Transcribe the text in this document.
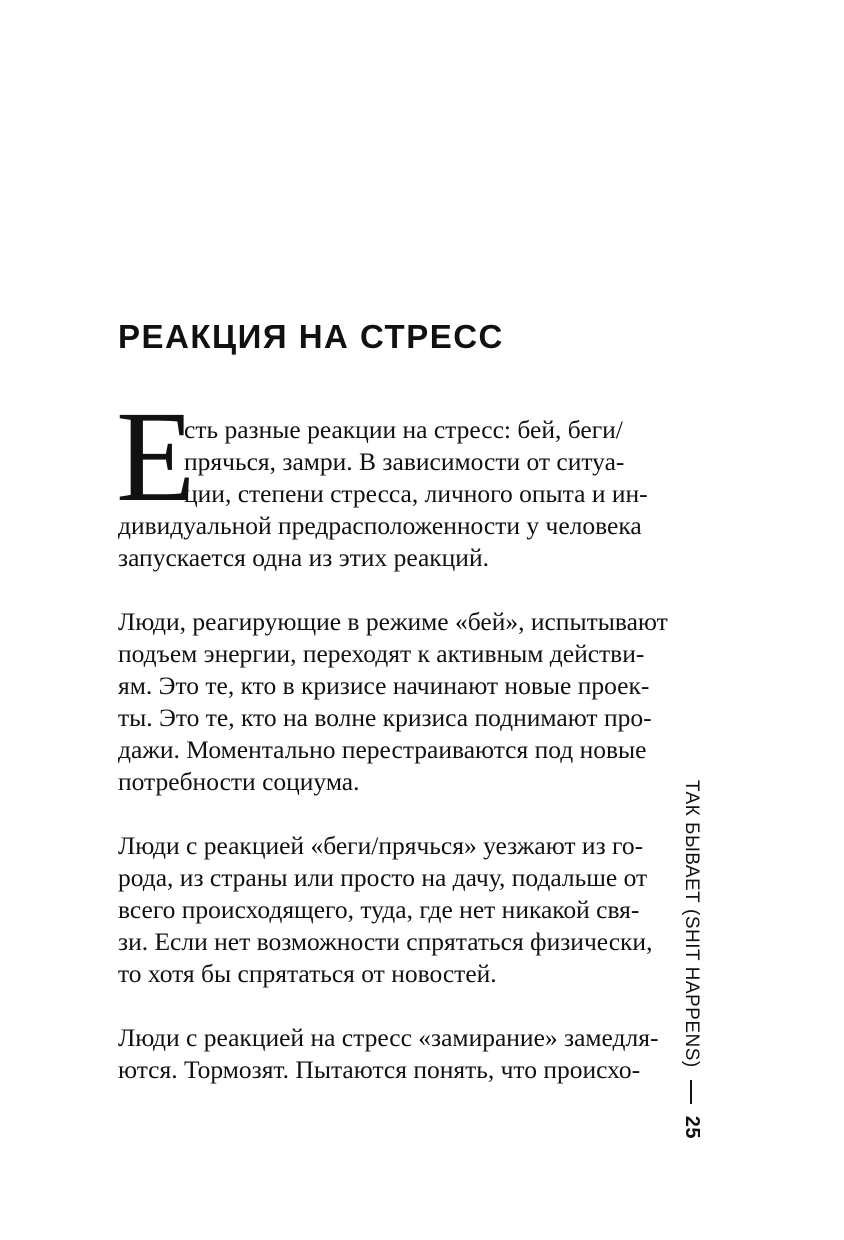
РЕАКЦИЯ НА СТРЕСС
Е
сть разные реакции на стресс: бей, беги/
прячься, замри. В зависимости от ситуа-
ции, степени стресса, личного опыта и ин-
дивидуальной предрасположенности у человека
запускается одна из этих реакций.
Люди, реагирующие в режиме «бей», испытывают
подъем энергии, переходят к активным действи-
ям. Это те, кто в кризисе начинают новые проек-
ты. Это те, кто на волне кризиса поднимают про-
дажи. Моментально перестраиваются под новые
потребности социума.
Люди с реакцией «беги/прячься» уезжают из го-
рода, из страны или просто на дачу, подальше от
всего происходящего, туда, где нет никакой свя-
зи. Если нет возможности спрятаться физически,
то хотя бы спрятаться от новостей.
Люди с реакцией на стресс «замирание» замедля-
ются. Тормозят. Пытаются понять, что происхо-
ТАК БЫВАЕТ (SHIT HAPPENS)
25
